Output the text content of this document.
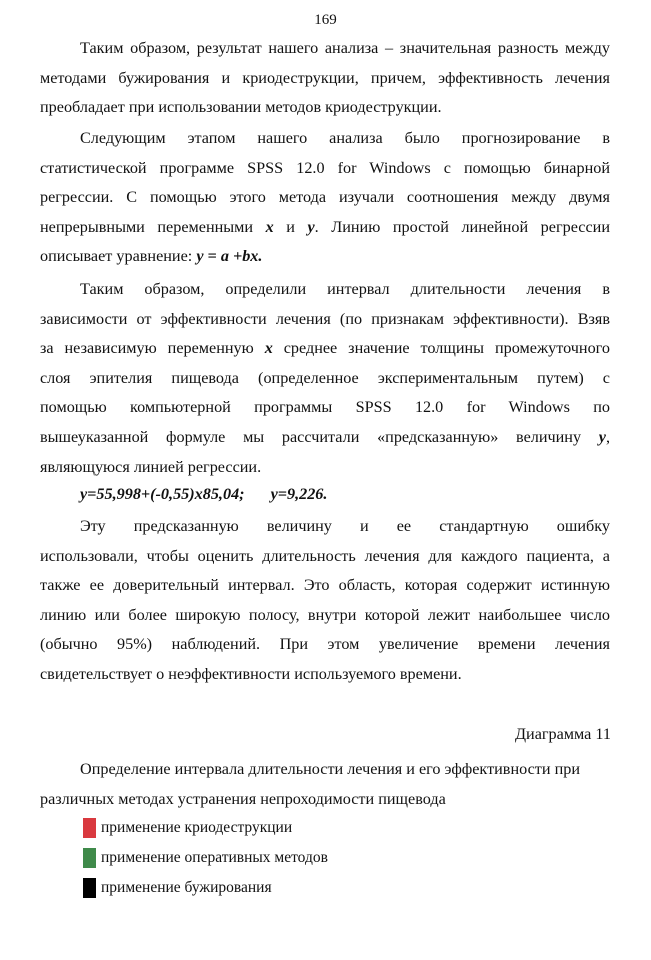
169
Таким образом, результат нашего анализа – значительная разность между
методами бужирования и криодеструкции, причем, эффективность лечения
преобладает при использовании методов криодеструкции.
Следующим этапом нашего анализа было прогнозирование в
статистической программе SPSS 12.0 for Windows с помощью бинарной
регрессии. С помощью этого метода изучали соотношения между двумя
непрерывными переменными x и y. Линию простой линейной регрессии
описывает уравнение: y = a +bx.
Таким образом, определили интервал длительности лечения в
зависимости от эффективности лечения (по признакам эффективности). Взяв
за независимую переменную x среднее значение толщины промежуточного
слоя эпителия пищевода (определенное экспериментальным путем) с
помощью компьютерной программы SPSS 12.0 for Windows по
вышеуказанной формуле мы рассчитали «предсказанную» величину y,
являющуюся линией регрессии.
y=55,998+(-0,55)x85,04; y=9,226.
Эту предсказанную величину и ее стандартную ошибку
использовали, чтобы оценить длительность лечения для каждого пациента, а
также ее доверительный интервал. Это область, которая содержит истинную
линию или более широкую полосу, внутри которой лежит наибольшее число
(обычно 95%) наблюдений. При этом увеличение времени лечения
свидетельствует о неэффективности используемого времени.
Диаграмма 11
Определение интервала длительности лечения и его эффективности при
различных методах устранения непроходимости пищевода
применение криодеструкции
применение оперативных методов
применение бужирования
